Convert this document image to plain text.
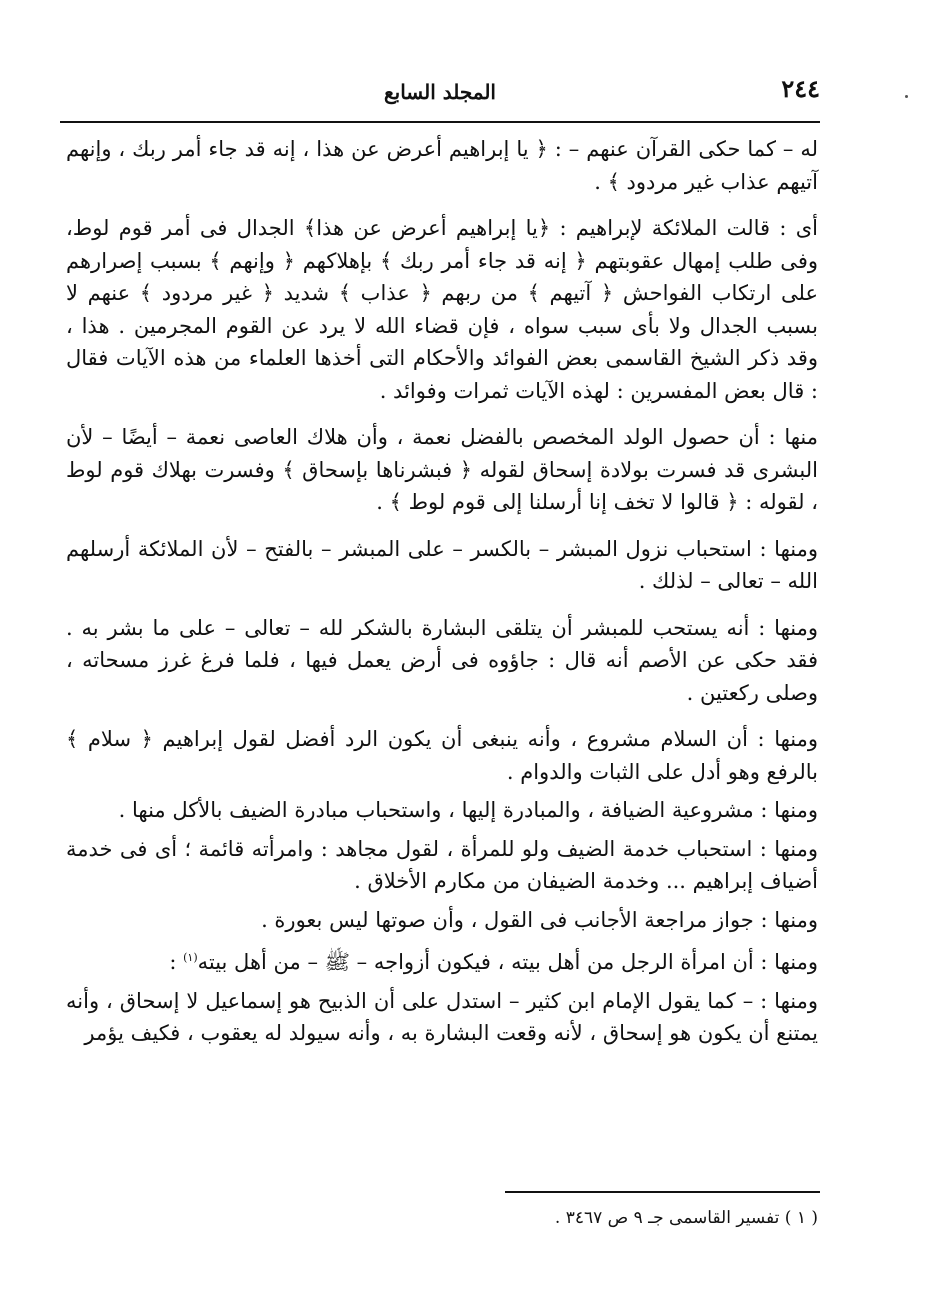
٢٤٤
المجلد السابع

له – كما حكى القرآن عنهم – : ﴿ يا إبراهيم أعرض عن هذا ، إنه قد جاء أمر ربك ، وإنهم آتيهم عذاب غير مردود ﴾ .

أى : قالت الملائكة لإبراهيم : ﴿يا إبراهيم أعرض عن هذا﴾ الجدال فى أمر قوم لوط، وفى طلب إمهال عقوبتهم ﴿ إنه قد جاء أمر ربك ﴾ بإهلاكهم ﴿ وإنهم ﴾ بسبب إصرارهم على ارتكاب الفواحش ﴿ آتيهم ﴾ من ربهم ﴿ عذاب ﴾ شديد ﴿ غير مردود ﴾ عنهم لا بسبب الجدال ولا بأى سبب سواه ، فإن قضاء الله لا يرد عن القوم المجرمين . هذا ، وقد ذكر الشيخ القاسمى بعض الفوائد والأحكام التى أخذها العلماء من هذه الآيات فقال : قال بعض المفسرين : لهذه الآيات ثمرات وفوائد .

منها : أن حصول الولد المخصص بالفضل نعمة ، وأن هلاك العاصى نعمة – أيضًا – لأن البشرى قد فسرت بولادة إسحاق لقوله ﴿ فبشرناها بإسحاق ﴾ وفسرت بهلاك قوم لوط ، لقوله : ﴿ قالوا لا تخف إنا أرسلنا إلى قوم لوط ﴾ .

ومنها : استحباب نزول المبشر – بالكسر – على المبشر – بالفتح – لأن الملائكة أرسلهم الله – تعالى – لذلك .

ومنها : أنه يستحب للمبشر أن يتلقى البشارة بالشكر لله – تعالى – على ما بشر به . فقد حكى عن الأصم أنه قال : جاؤوه فى أرض يعمل فيها ، فلما فرغ غرز مسحاته ، وصلى ركعتين .

ومنها : أن السلام مشروع ، وأنه ينبغى أن يكون الرد أفضل لقول إبراهيم ﴿ سلام ﴾ بالرفع وهو أدل على الثبات والدوام .

ومنها : مشروعية الضيافة ، والمبادرة إليها ، واستحباب مبادرة الضيف بالأكل منها .

ومنها : استحباب خدمة الضيف ولو للمرأة ، لقول مجاهد : وامرأته قائمة ؛ أى فى خدمة أضياف إبراهيم ... وخدمة الضيفان من مكارم الأخلاق .

ومنها : جواز مراجعة الأجانب فى القول ، وأن صوتها ليس بعورة .

ومنها : أن امرأة الرجل من أهل بيته ، فيكون أزواجه – ﷺ – من أهل بيته$^{(١)}$ :

ومنها : – كما يقول الإمام ابن كثير – استدل على أن الذبيح هو إسماعيل لا إسحاق ، وأنه يمتنع أن يكون هو إسحاق ، لأنه وقعت البشارة به ، وأنه سيولد له يعقوب ، فكيف يؤمر

( ١ ) تفسير القاسمى جـ ٩ ص ٣٤٦٧ .
